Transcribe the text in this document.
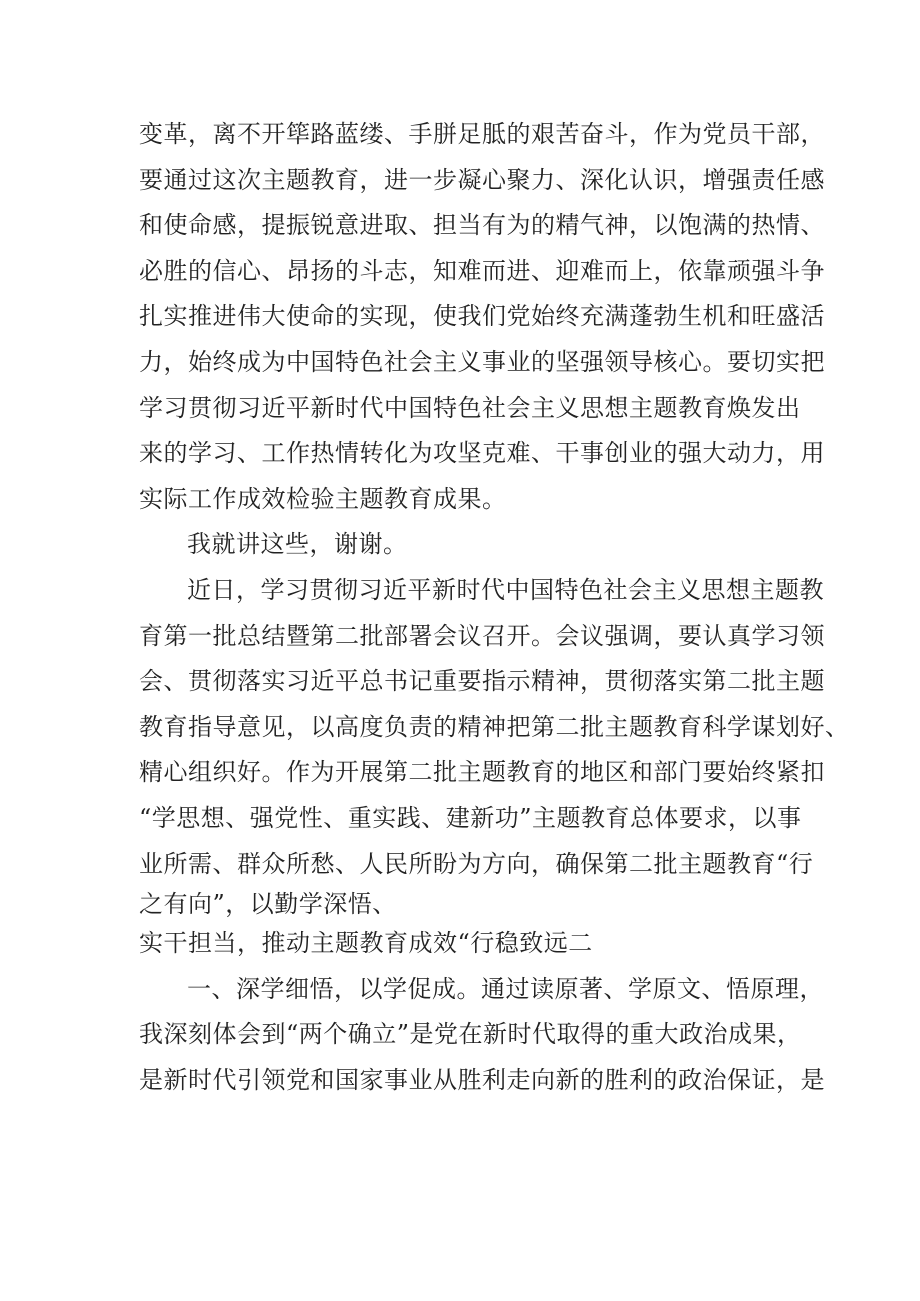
变革，离不开筚路蓝缕、手胼足胝的艰苦奋斗，作为党员干部，
要通过这次主题教育，进一步凝心聚力、深化认识，增强责任感
和使命感，提振锐意进取、担当有为的精气神，以饱满的热情、
必胜的信心、昂扬的斗志，知难而进、迎难而上，依靠顽强斗争
扎实推进伟大使命的实现，使我们党始终充满蓬勃生机和旺盛活
力，始终成为中国特色社会主义事业的坚强领导核心。要切实把
学习贯彻习近平新时代中国特色社会主义思想主题教育焕发出
来的学习、工作热情转化为攻坚克难、干事创业的强大动力，用
实际工作成效检验主题教育成果。
我就讲这些，谢谢。
近日，学习贯彻习近平新时代中国特色社会主义思想主题教
育第一批总结暨第二批部署会议召开。会议强调，要认真学习领
会、贯彻落实习近平总书记重要指示精神，贯彻落实第二批主题
教育指导意见，以高度负责的精神把第二批主题教育科学谋划好、
精心组织好。作为开展第二批主题教育的地区和部门要始终紧扣
“学思想、强党性、重实践、建新功”主题教育总体要求，以事
业所需、群众所愁、人民所盼为方向，确保第二批主题教育“行
之有向”，以勤学深悟、
实干担当，推动主题教育成效“行稳致远二
一、深学细悟，以学促成。通过读原著、学原文、悟原理，
我深刻体会到“两个确立”是党在新时代取得的重大政治成果，
是新时代引领党和国家事业从胜利走向新的胜利的政治保证，是
